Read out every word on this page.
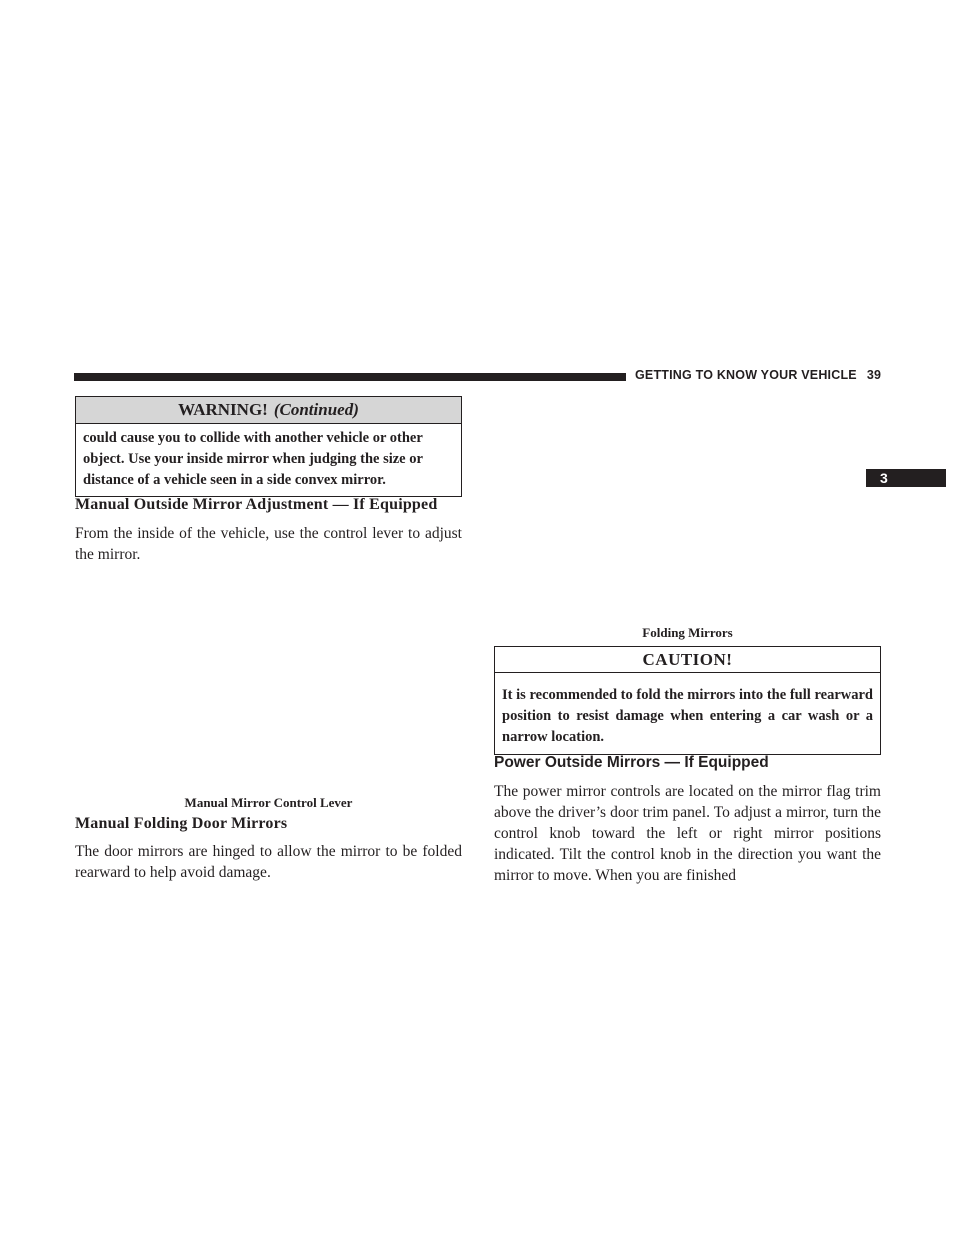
GETTING TO KNOW YOUR VEHICLE 39
3
WARNING! (Continued)
could cause you to collide with another vehicle or other object. Use your inside mirror when judging the size or distance of a vehicle seen in a side convex mirror.
Manual Outside Mirror Adjustment — If Equipped

From the inside of the vehicle, use the control lever to adjust the mirror.

Manual Mirror Control Lever
Manual Folding Door Mirrors

The door mirrors are hinged to allow the mirror to be folded rearward to help avoid damage.

Folding Mirrors
CAUTION!
It is recommended to fold the mirrors into the full rearward position to resist damage when entering a car wash or a narrow location.
Power Outside Mirrors — If Equipped

The power mirror controls are located on the mirror flag trim above the driver’s door trim panel. To adjust a mirror, turn the control knob toward the left or right mirror positions indicated. Tilt the control knob in the direction you want the mirror to move. When you are finished
